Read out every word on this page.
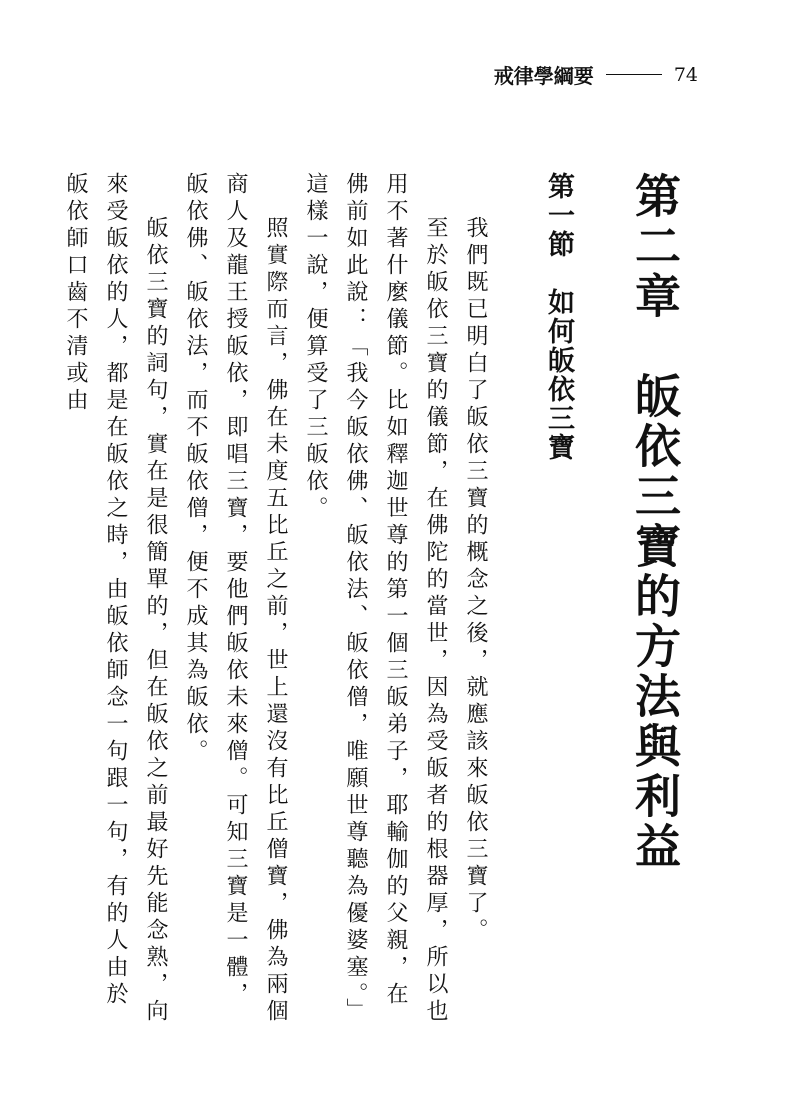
戒律學綱要	74
第二章　皈依三寶的方法與利益
第一節　如何皈依三寶

我們既已明白了皈依三寶的概念之後，就應該來皈依三寶了。

至於皈依三寶的儀節，在佛陀的當世，因為受皈者的根器厚，所以也用不著什麼儀節。比如釋迦世尊的第一個三皈弟子，耶輸伽的父親，在佛前如此說：「我今皈依佛、皈依法、皈依僧，唯願世尊聽為優婆塞。」這樣一說，便算受了三皈依。

照實際而言，佛在未度五比丘之前，世上還沒有比丘僧寶，佛為兩個商人及龍王授皈依，即唱三寶，要他們皈依未來僧。可知三寶是一體，皈依佛、皈依法，而不皈依僧，便不成其為皈依。

皈依三寶的詞句，實在是很簡單的，但在皈依之前最好先能念熟，向來受皈依的人，都是在皈依之時，由皈依師念一句跟一句，有的人由於皈依師口齒不清或由
